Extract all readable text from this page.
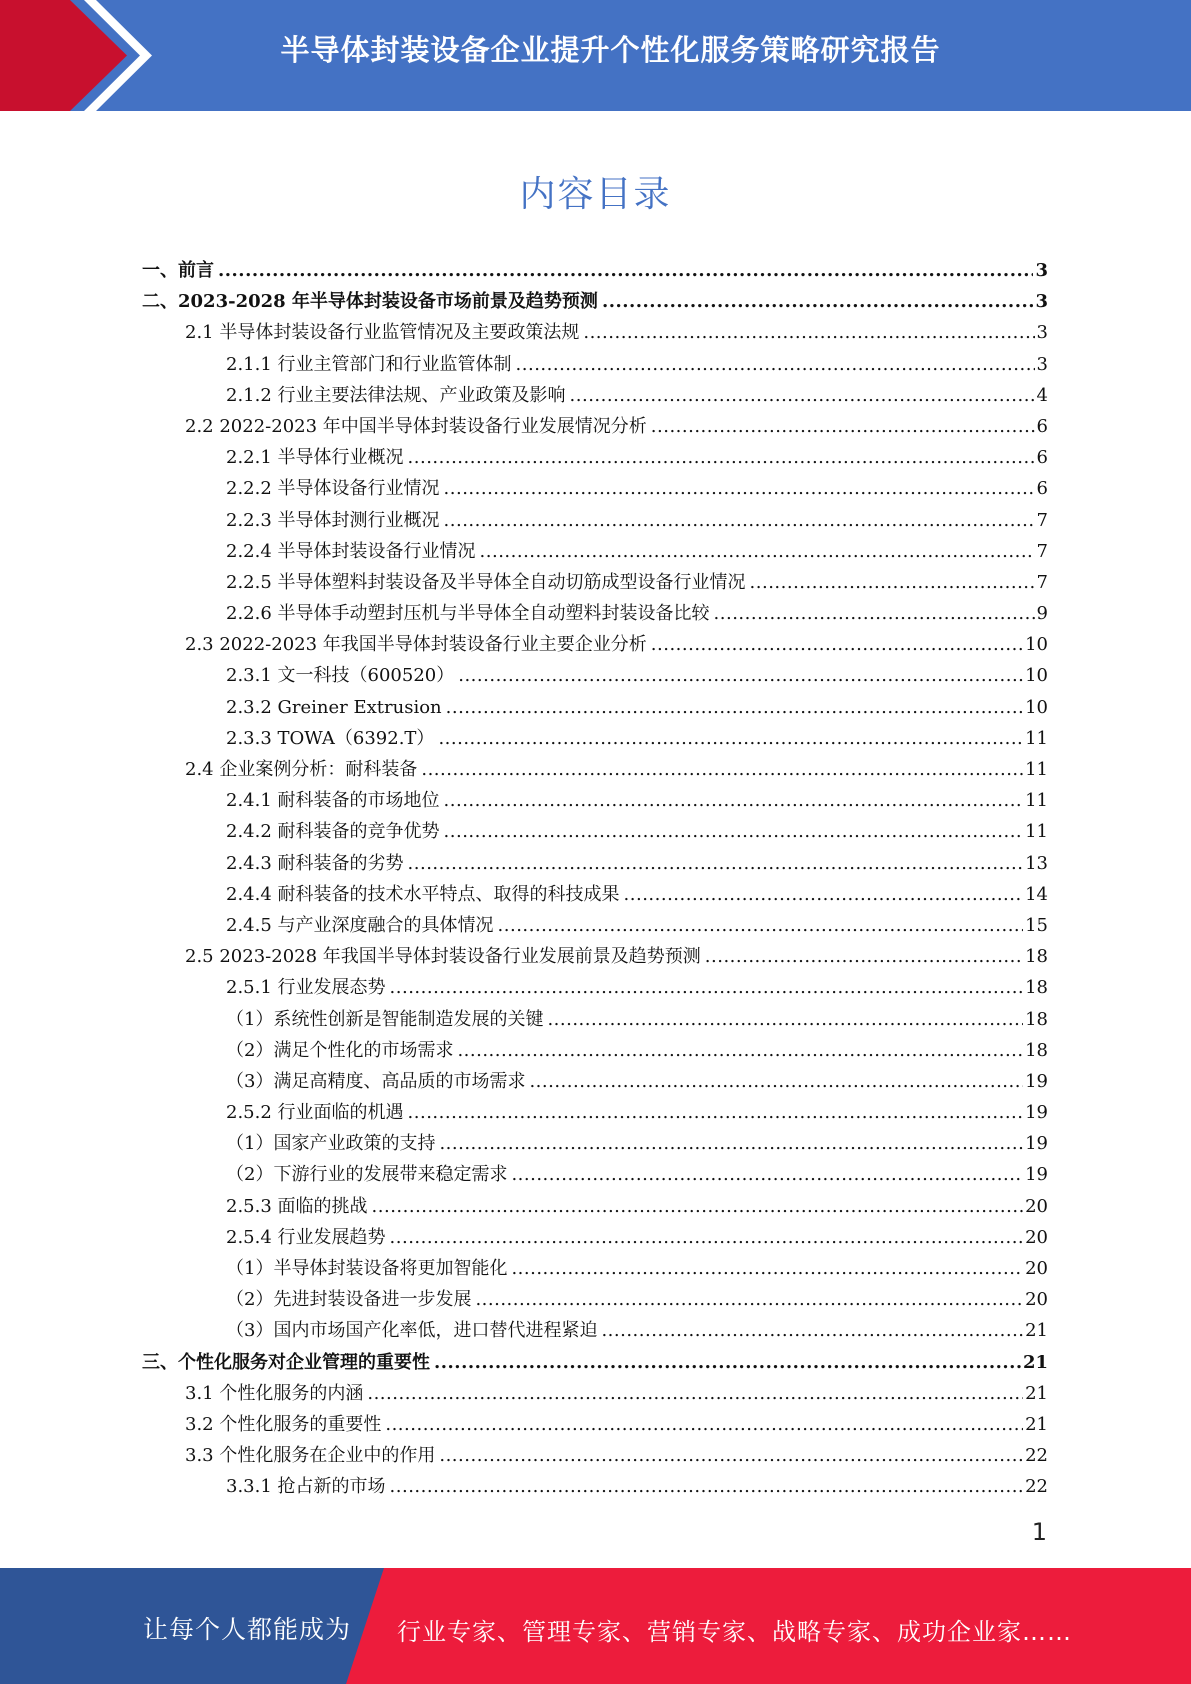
半导体封装设备企业提升个性化服务策略研究报告
内容目录
一、前言 .....	3
二、2023-2028 年半导体封装设备市场前景及趋势预测 .....	3
2.1 半导体封装设备行业监管情况及主要政策法规 .....	3
2.1.1 行业主管部门和行业监管体制 .....	3
2.1.2 行业主要法律法规、产业政策及影响 .....	4
2.2 2022-2023 年中国半导体封装设备行业发展情况分析 .....	6
2.2.1 半导体行业概况 .....	6
2.2.2 半导体设备行业情况 .....	6
2.2.3 半导体封测行业概况 .....	7
2.2.4 半导体封装设备行业情况 .....	7
2.2.5 半导体塑料封装设备及半导体全自动切筋成型设备行业情况 .....	7
2.2.6 半导体手动塑封压机与半导体全自动塑料封装设备比较 .....	9
2.3 2022-2023 年我国半导体封装设备行业主要企业分析 .....	10
2.3.1 文一科技（600520） .....	10
2.3.2 Greiner Extrusion .....	10
2.3.3 TOWA（6392.T） .....	11
2.4 企业案例分析：耐科装备 .....	11
2.4.1 耐科装备的市场地位 .....	11
2.4.2 耐科装备的竞争优势 .....	11
2.4.3 耐科装备的劣势 .....	13
2.4.4 耐科装备的技术水平特点、取得的科技成果 .....	14
2.4.5 与产业深度融合的具体情况 .....	15
2.5 2023-2028 年我国半导体封装设备行业发展前景及趋势预测 .....	18
2.5.1 行业发展态势 .....	18
（1）系统性创新是智能制造发展的关键 .....	18
（2）满足个性化的市场需求 .....	18
（3）满足高精度、高品质的市场需求 .....	19
2.5.2 行业面临的机遇 .....	19
（1）国家产业政策的支持 .....	19
（2）下游行业的发展带来稳定需求 .....	19
2.5.3 面临的挑战 .....	20
2.5.4 行业发展趋势 .....	20
（1）半导体封装设备将更加智能化 .....	20
（2）先进封装设备进一步发展 .....	20
（3）国内市场国产化率低，进口替代进程紧迫 .....	21
三、个性化服务对企业管理的重要性 .....	21
3.1 个性化服务的内涵 .....	21
3.2 个性化服务的重要性 .....	21
3.3 个性化服务在企业中的作用 .....	22
3.3.1 抢占新的市场 .....	22
1
让每个人都能成为 行业专家、管理专家、营销专家、战略专家、成功企业家……
